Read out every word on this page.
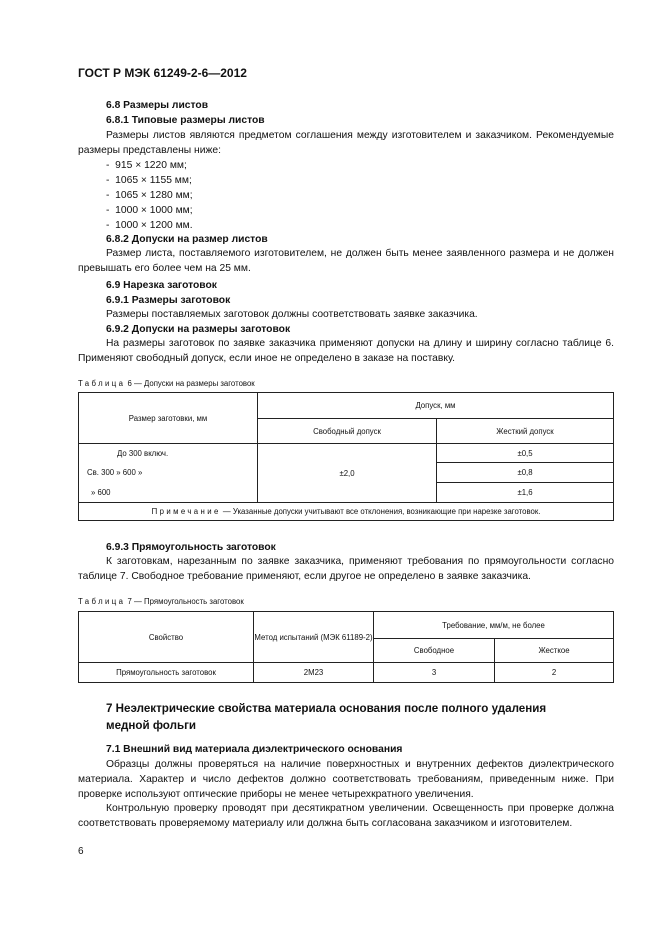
ГОСТ Р МЭК 61249-2-6—2012
6.8 Размеры листов
6.8.1 Типовые размеры листов
Размеры листов являются предметом соглашения между изготовителем и заказчиком. Рекомендуемые размеры представлены ниже:
-  915 × 1220 мм;
-  1065 × 1155 мм;
-  1065 × 1280 мм;
-  1000 × 1000 мм;
-  1000 × 1200 мм.
6.8.2 Допуски на размер листов
Размер листа, поставляемого изготовителем, не должен быть менее заявленного размера и не должен превышать его более чем на 25 мм.
6.9 Нарезка заготовок
6.9.1 Размеры заготовок
Размеры поставляемых заготовок должны соответствовать заявке заказчика.
6.9.2 Допуски на размеры заготовок
На размеры заготовок по заявке заказчика применяют допуски на длину и ширину согласно таблице 6. Применяют свободный допуск, если иное не определено в заказе на поставку.
Таблица 6 — Допуски на размеры заготовок
Размер заготовки, мм	Допуск, мм	
	Свободный допуск	Жесткий допуск
До 300 включ.	±2,0	±0,5
Св. 300 » 600 »		±0,8
» 600		±1,6
Примечание — Указанные допуски учитывают все отклонения, возникающие при нарезке заготовок.		
6.9.3 Прямоугольность заготовок
К заготовкам, нарезанным по заявке заказчика, применяют требования по прямоугольности согласно таблице 7. Свободное требование применяют, если другое не определено в заявке заказчика.
Таблица 7 — Прямоугольность заготовок
Свойство	Метод испытаний (МЭК 61189-2)	Требование, мм/м, не более	
		Свободное	Жесткое
Прямоугольность заготовок	2M23	3	2
7 Неэлектрические свойства материала основания после полного удаления медной фольги
7.1 Внешний вид материала диэлектрического основания
Образцы должны проверяться на наличие поверхностных и внутренних дефектов диэлектрического материала. Характер и число дефектов должно соответствовать требованиям, приведенным ниже. При проверке используют оптические приборы не менее четырехкратного увеличения.
Контрольную проверку проводят при десятикратном увеличении. Освещенность при проверке должна соответствовать проверяемому материалу или должна быть согласована заказчиком и изготовителем.
6
